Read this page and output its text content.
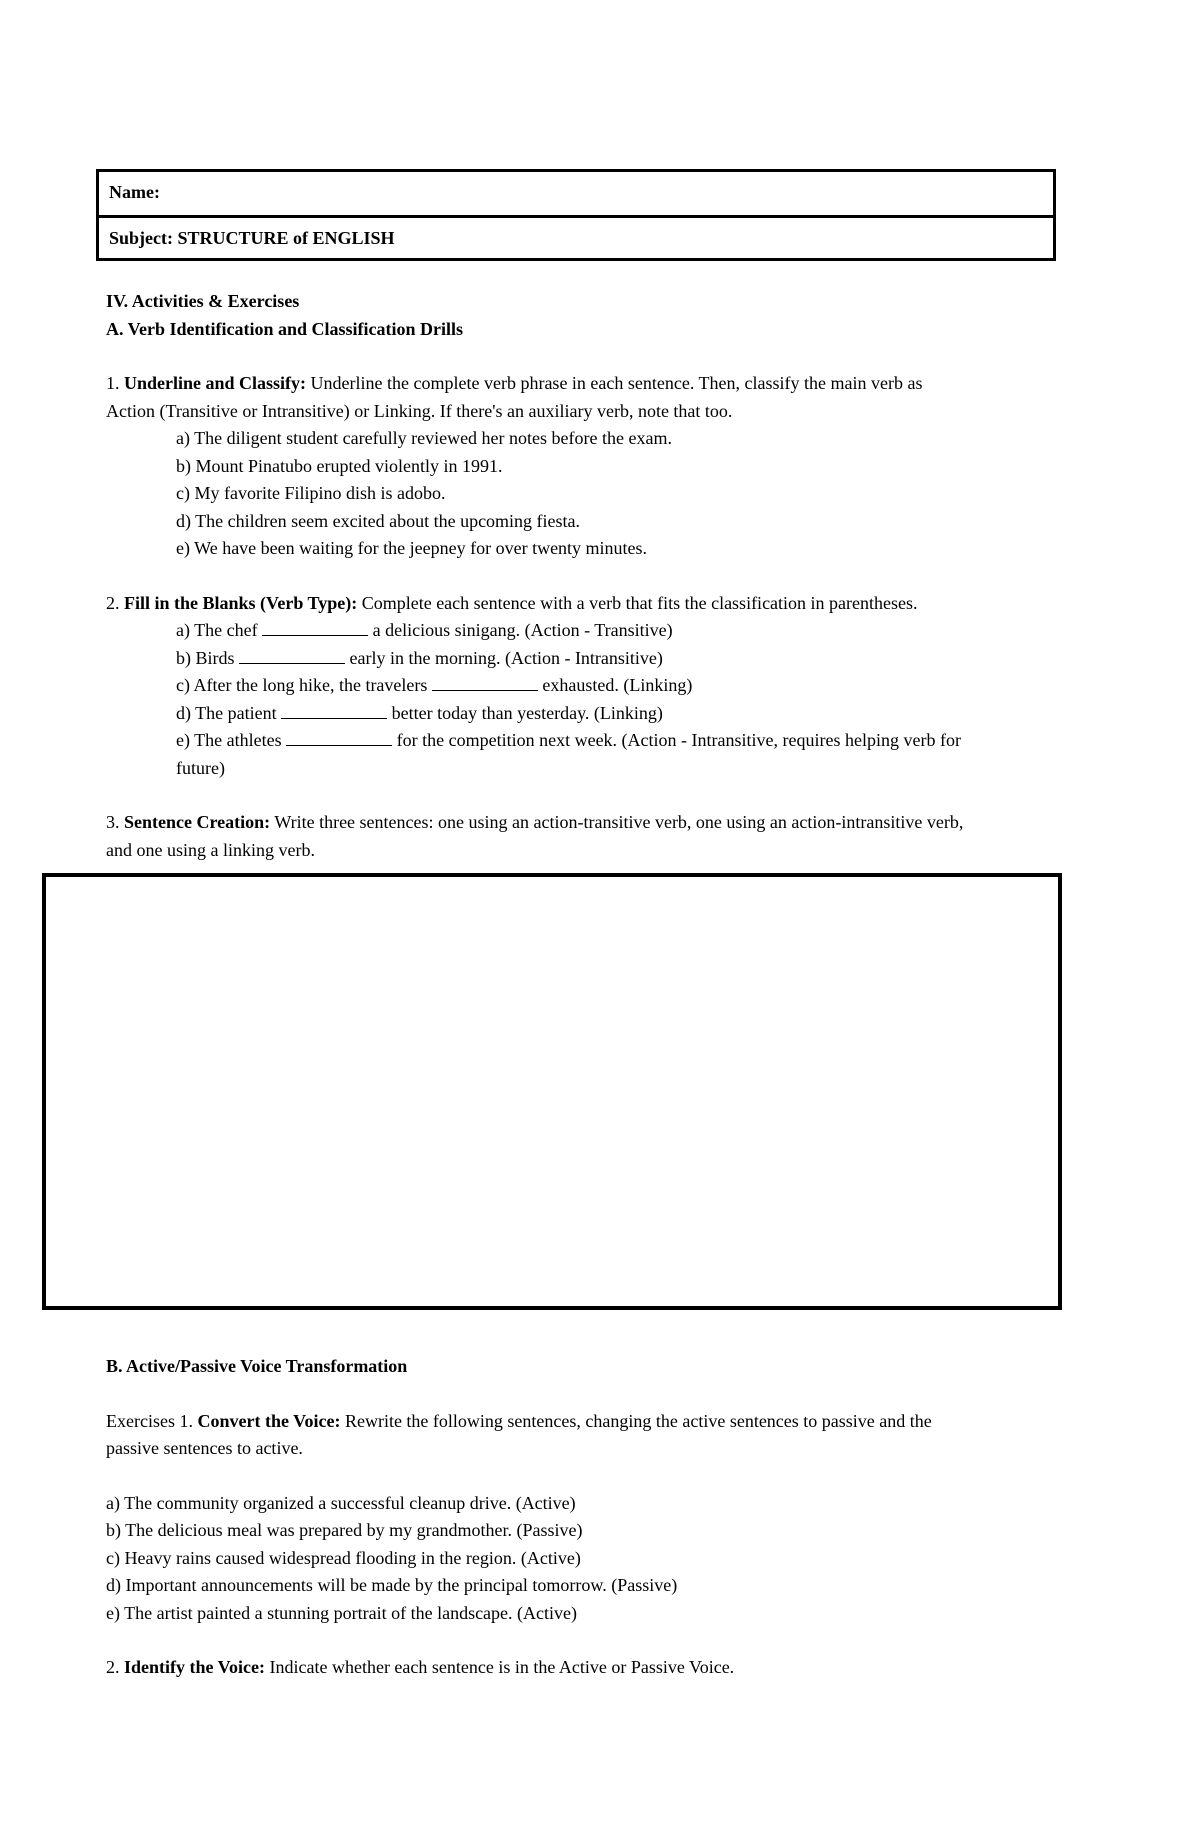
Name:
Subject: STRUCTURE of ENGLISH
IV. Activities & Exercises
A. Verb Identification and Classification Drills
1. Underline and Classify: Underline the complete verb phrase in each sentence. Then, classify the main verb as
Action (Transitive or Intransitive) or Linking. If there's an auxiliary verb, note that too.
a) The diligent student carefully reviewed her notes before the exam.
b) Mount Pinatubo erupted violently in 1991.
c) My favorite Filipino dish is adobo.
d) The children seem excited about the upcoming fiesta.
e) We have been waiting for the jeepney for over twenty minutes.
2. Fill in the Blanks (Verb Type): Complete each sentence with a verb that fits the classification in parentheses.
a) The chef	a delicious sinigang. (Action - Transitive)
b) Birds	early in the morning. (Action - Intransitive)
c) After the long hike, the travelers	exhausted. (Linking)
d) The patient	better today than yesterday. (Linking)
e) The athletes	for the competition next week. (Action - Intransitive, requires helping verb for
future)
3. Sentence Creation: Write three sentences: one using an action-transitive verb, one using an action-intransitive verb,
and one using a linking verb.
B. Active/Passive Voice Transformation
Exercises 1. Convert the Voice: Rewrite the following sentences, changing the active sentences to passive and the
passive sentences to active.
a) The community organized a successful cleanup drive. (Active)
b) The delicious meal was prepared by my grandmother. (Passive)
c) Heavy rains caused widespread flooding in the region. (Active)
d) Important announcements will be made by the principal tomorrow. (Passive)
e) The artist painted a stunning portrait of the landscape. (Active)
2. Identify the Voice: Indicate whether each sentence is in the Active or Passive Voice.
